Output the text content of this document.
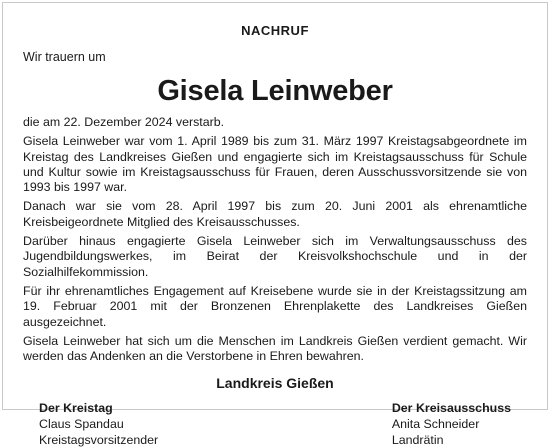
NACHRUF
Wir trauern um
Gisela Leinweber

die am 22. Dezember 2024 verstarb.

Gisela Leinweber war vom 1. April 1989 bis zum 31. März 1997 Kreistagsabgeordnete im Kreistag des Landkreises Gießen und engagierte sich im Kreistagsausschuss für Schule und Kultur sowie im Kreistagsausschuss für Frauen, deren Ausschussvorsitzende sie von 1993 bis 1997 war.

Danach war sie vom 28. April 1997 bis zum 20. Juni 2001 als ehrenamtliche Kreisbeigeordnete Mitglied des Kreisausschusses.

Darüber hinaus engagierte Gisela Leinweber sich im Verwaltungsausschuss des Jugendbildungswerkes, im Beirat der Kreisvolkshochschule und in der Sozialhilfekommission.

Für ihr ehrenamtliches Engagement auf Kreisebene wurde sie in der Kreistagssitzung am 19. Februar 2001 mit der Bronzenen Ehrenplakette des Landkreises Gießen ausgezeichnet.

Gisela Leinweber hat sich um die Menschen im Landkreis Gießen verdient gemacht. Wir werden das Andenken an die Verstorbene in Ehren bewahren.

Landkreis Gießen
Der Kreistag
Claus Spandau
Kreistagsvorsitzender
Der Kreisausschuss
Anita Schneider
Landrätin
